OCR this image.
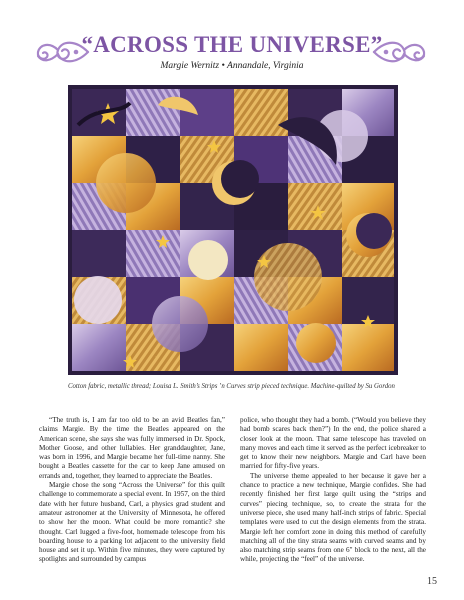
“ACROSS THE UNIVERSE”
Margie Wernitz • Annandale, Virginia
Cotton fabric, metallic thread; Louisa L. Smith’s Strips ’n Curves strip pieced technique. Machine-quilted by Su Gordon

“The truth is, I am far too old to be an avid Beatles fan,” claims Margie. By the time the Beatles appeared on the American scene, she says she was fully immersed in Dr. Spock, Mother Goose, and other lullabies. Her granddaughter, Jane, was born in 1996, and Margie became her full-time nanny. She bought a Beatles cassette for the car to keep Jane amused on errands and, together, they learned to appreciate the Beatles.

Margie chose the song “Across the Universe” for this quilt challenge to commemorate a special event. In 1957, on the third date with her future husband, Carl, a physics grad student and amateur astronomer at the University of Minnesota, he offered to show her the moon. What could be more romantic? she thought. Carl lugged a five-foot, homemade telescope from his boarding house to a parking lot adjacent to the university field house and set it up. Within five minutes, they were captured by spotlights and surrounded by campus

police, who thought they had a bomb. (“Would you believe they had bomb scares back then?”) In the end, the police shared a closer look at the moon. That same telescope has traveled on many moves and each time it served as the perfect icebreaker to get to know their new neighbors. Margie and Carl have been married for fifty-five years.

The universe theme appealed to her because it gave her a chance to practice a new technique, Margie confides. She had recently finished her first large quilt using the “strips and curves” piecing technique, so, to create the strata for the universe piece, she used many half-inch strips of fabric. Special templates were used to cut the design elements from the strata. Margie left her comfort zone in doing this method of carefully matching all of the tiny strata seams with curved seams and by also matching strip seams from one 6" block to the next, all the while, projecting the “feel” of the universe.

15
